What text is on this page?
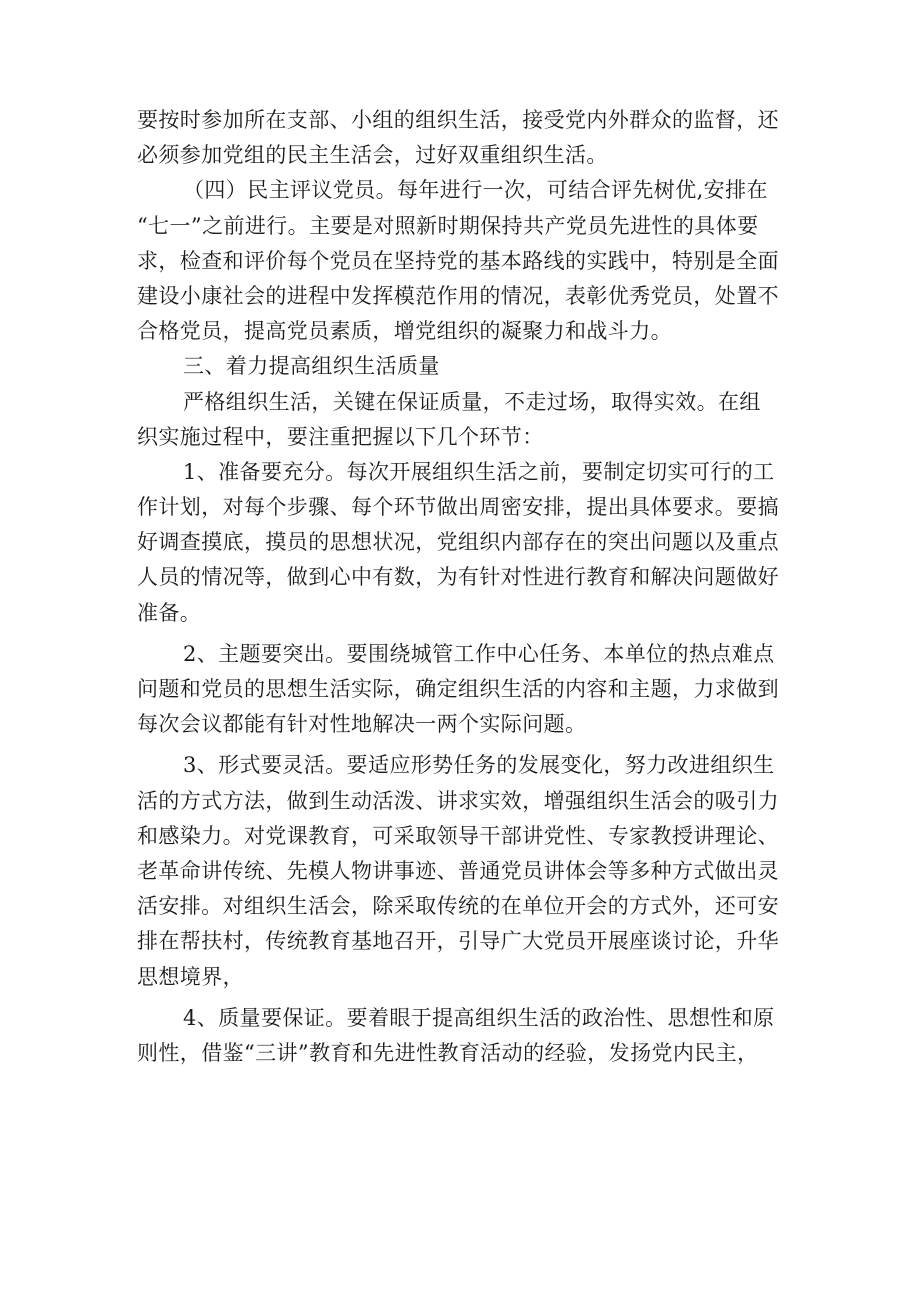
要按时参加所在支部、小组的组织生活，接受党内外群众的监督，还
必须参加党组的民主生活会，过好双重组织生活。
（四）民主评议党员。每年进行一次，可结合评先树优,安排在
“七一”之前进行。主要是对照新时期保持共产党员先进性的具体要
求，检查和评价每个党员在坚持党的基本路线的实践中，特别是全面
建设小康社会的进程中发挥模范作用的情况，表彰优秀党员，处置不
合格党员，提高党员素质，增党组织的凝聚力和战斗力。
三、着力提高组织生活质量
严格组织生活，关键在保证质量，不走过场，取得实效。在组
织实施过程中，要注重把握以下几个环节：
1、准备要充分。每次开展组织生活之前，要制定切实可行的工
作计划，对每个步骤、每个环节做出周密安排，提出具体要求。要搞
好调查摸底，摸员的思想状况，党组织内部存在的突出问题以及重点
人员的情况等，做到心中有数，为有针对性进行教育和解决问题做好
准备。
2、主题要突出。要围绕城管工作中心任务、本单位的热点难点
问题和党员的思想生活实际，确定组织生活的内容和主题，力求做到
每次会议都能有针对性地解决一两个实际问题。
3、形式要灵活。要适应形势任务的发展变化，努力改进组织生
活的方式方法，做到生动活泼、讲求实效，增强组织生活会的吸引力
和感染力。对党课教育，可采取领导干部讲党性、专家教授讲理论、
老革命讲传统、先模人物讲事迹、普通党员讲体会等多种方式做出灵
活安排。对组织生活会，除采取传统的在单位开会的方式外，还可安
排在帮扶村，传统教育基地召开，引导广大党员开展座谈讨论，升华
思想境界，
4、质量要保证。要着眼于提高组织生活的政治性、思想性和原
则性，借鉴“三讲”教育和先进性教育活动的经验，发扬党内民主，
